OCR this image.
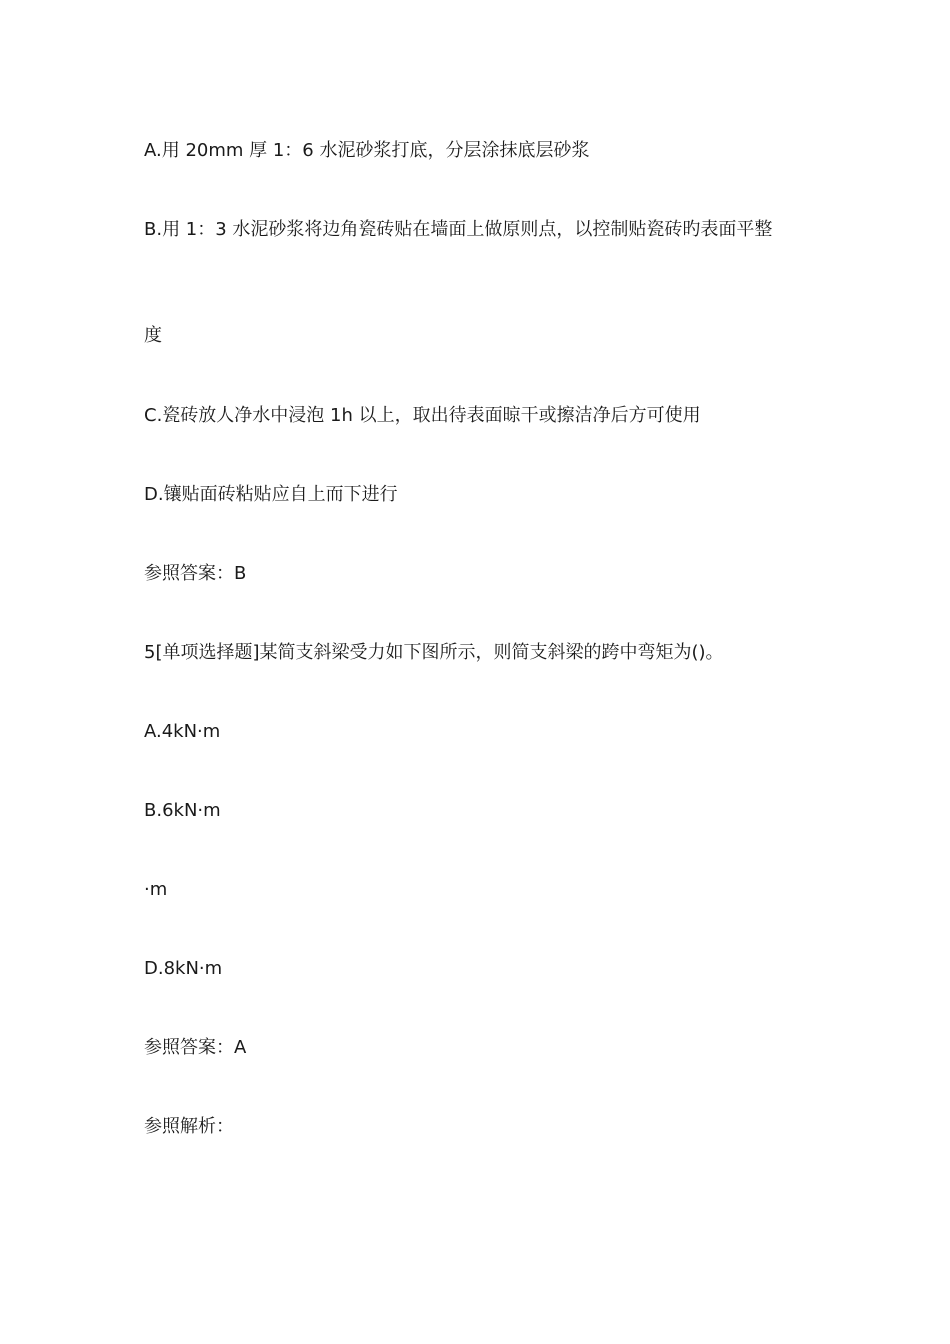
A.用 20mm 厚 1：6 水泥砂浆打底，分层涂抹底层砂浆
B.用 1：3 水泥砂浆将边角瓷砖贴在墙面上做原则点，以控制贴瓷砖旳表面平整
度
C.瓷砖放人净水中浸泡 1h 以上，取出待表面晾干或擦洁净后方可使用
D.镶贴面砖粘贴应自上而下进行
参照答案：B
5[单项选择题]某简支斜梁受力如下图所示，则简支斜梁的跨中弯矩为()。
A.4kN·m
B.6kN·m
·m
D.8kN·m
参照答案：A
参照解析：
